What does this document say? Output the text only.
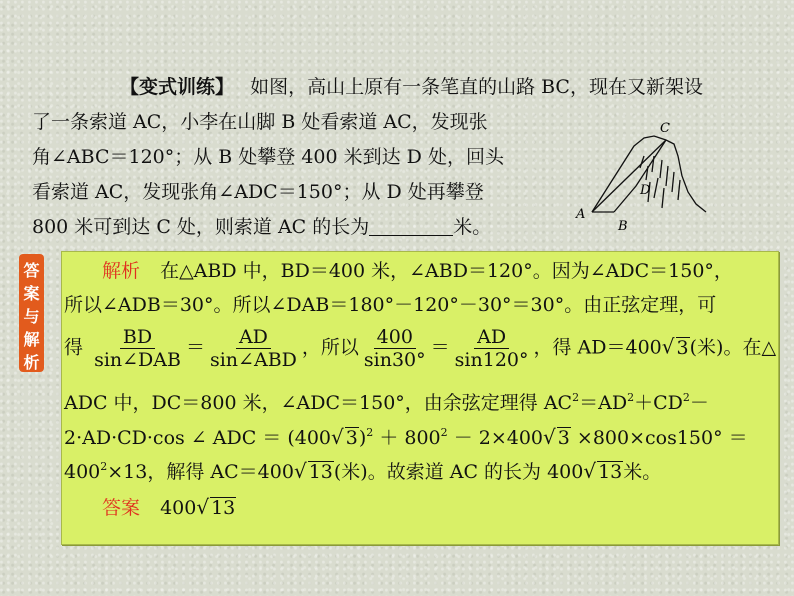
【变式训练】 如图，高山上原有一条笔直的山路 BC，现在又新架设
了一条索道 AC，小李在山脚 B 处看索道 AC，发现张
角∠ABC＝120°；从 B 处攀登 400 米到达 D 处，回头
看索道 AC，发现张角∠ADC＝150°；从 D 处再攀登
800 米可到达 C 处，则索道 AC 的长为	米。
A
B
C
D
答
案
与
解
析
解析 在△ABD 中，BD＝400 米，∠ABD＝120°。因为∠ADC＝150°，
所以∠ADB＝30°。所以∠DAB＝180°－120°－30°＝30°。由正弦定理，可
得 $\frac{BD}{\text{sin∠DAB}} = \frac{AD}{\text{sin∠ABD}}$ ，所以 $\frac{400}{\sin 30^\circ} = \frac{AD}{\sin 120^\circ}$ ，得 AD＝400√ 3(米)。在△
ADC 中，DC＝800 米，∠ADC＝150°，由余弦定理得 $AC^2=AD^2+CD^2-$
2·AD·CD·cos ∠ ADC ＝ (400√ $3)^2 + 800^2 - 2\times 400√$ 3 ×800×cos150° ＝
$400^2\times 13$，解得 AC＝400√ 13(米)。故索道 AC 的长为 400√ 13米。
答案 400√ 13
